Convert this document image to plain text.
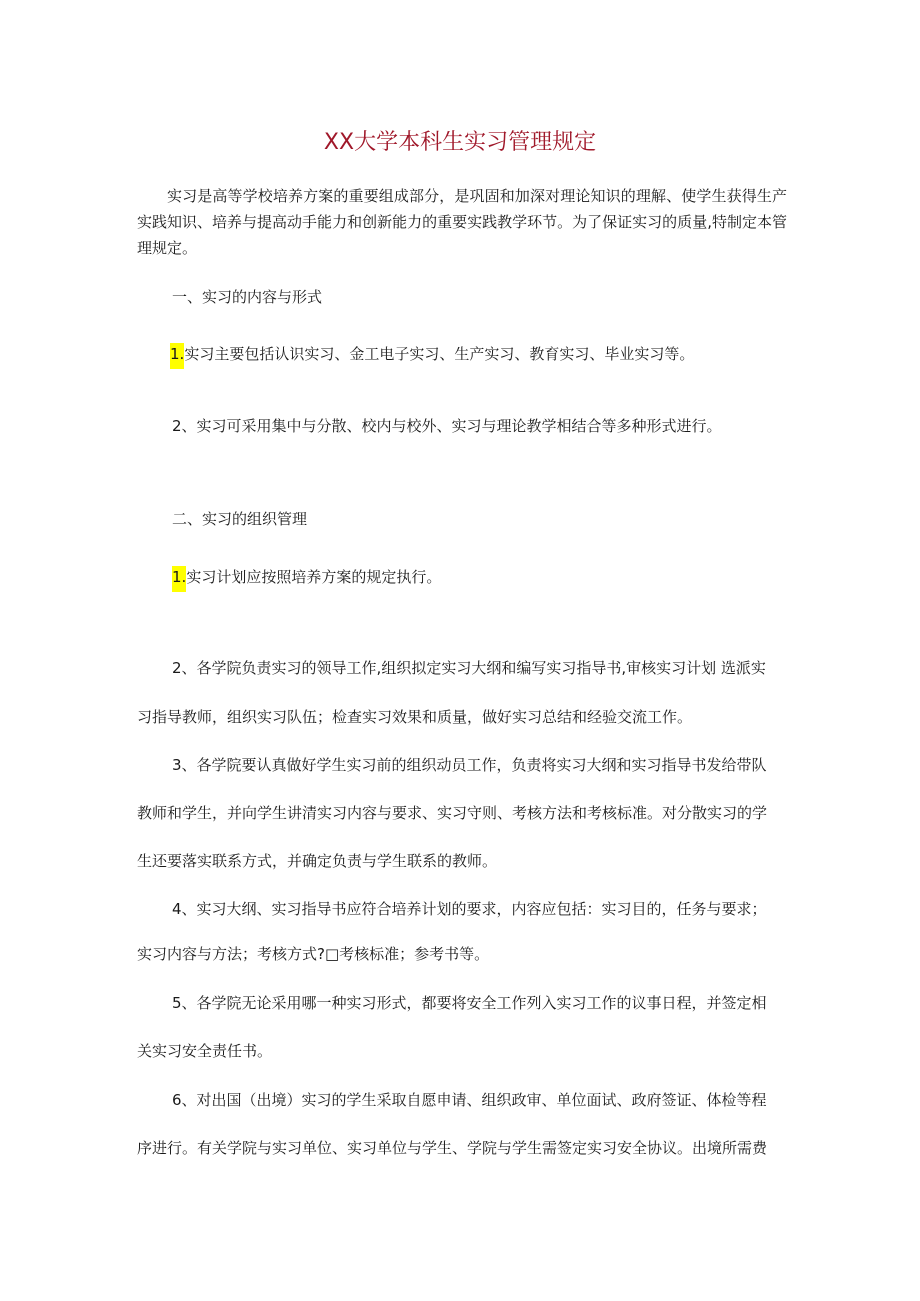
XX大学本科生实习管理规定
实习是高等学校培养方案的重要组成部分，是巩固和加深对理论知识的理解、使学生获得生产实践知识、培养与提高动手能力和创新能力的重要实践教学环节。为了保证实习的质量,特制定本管理规定。
一、实习的内容与形式
1.实习主要包括认识实习、金工电子实习、生产实习、教育实习、毕业实习等。
2、实习可采用集中与分散、校内与校外、实习与理论教学相结合等多种形式进行。
二、实习的组织管理
1.实习计划应按照培养方案的规定执行。
2、各学院负责实习的领导工作,组织拟定实习大纲和编写实习指导书,审核实习计划 选派实
习指导教师，组织实习队伍；检查实习效果和质量，做好实习总结和经验交流工作。
3、各学院要认真做好学生实习前的组织动员工作，负责将实习大纲和实习指导书发给带队
教师和学生，并向学生讲清实习内容与要求、实习守则、考核方法和考核标准。对分散实习的学
生还要落实联系方式，并确定负责与学生联系的教师。
4、实习大纲、实习指导书应符合培养计划的要求，内容应包括：实习目的，任务与要求；
实习内容与方法；考核方式?□考核标准；参考书等。
5、各学院无论采用哪一种实习形式，都要将安全工作列入实习工作的议事日程，并签定相
关实习安全责任书。
6、对出国（出境）实习的学生采取自愿申请、组织政审、单位面试、政府签证、体检等程
序进行。有关学院与实习单位、实习单位与学生、学院与学生需签定实习安全协议。出境所需费
